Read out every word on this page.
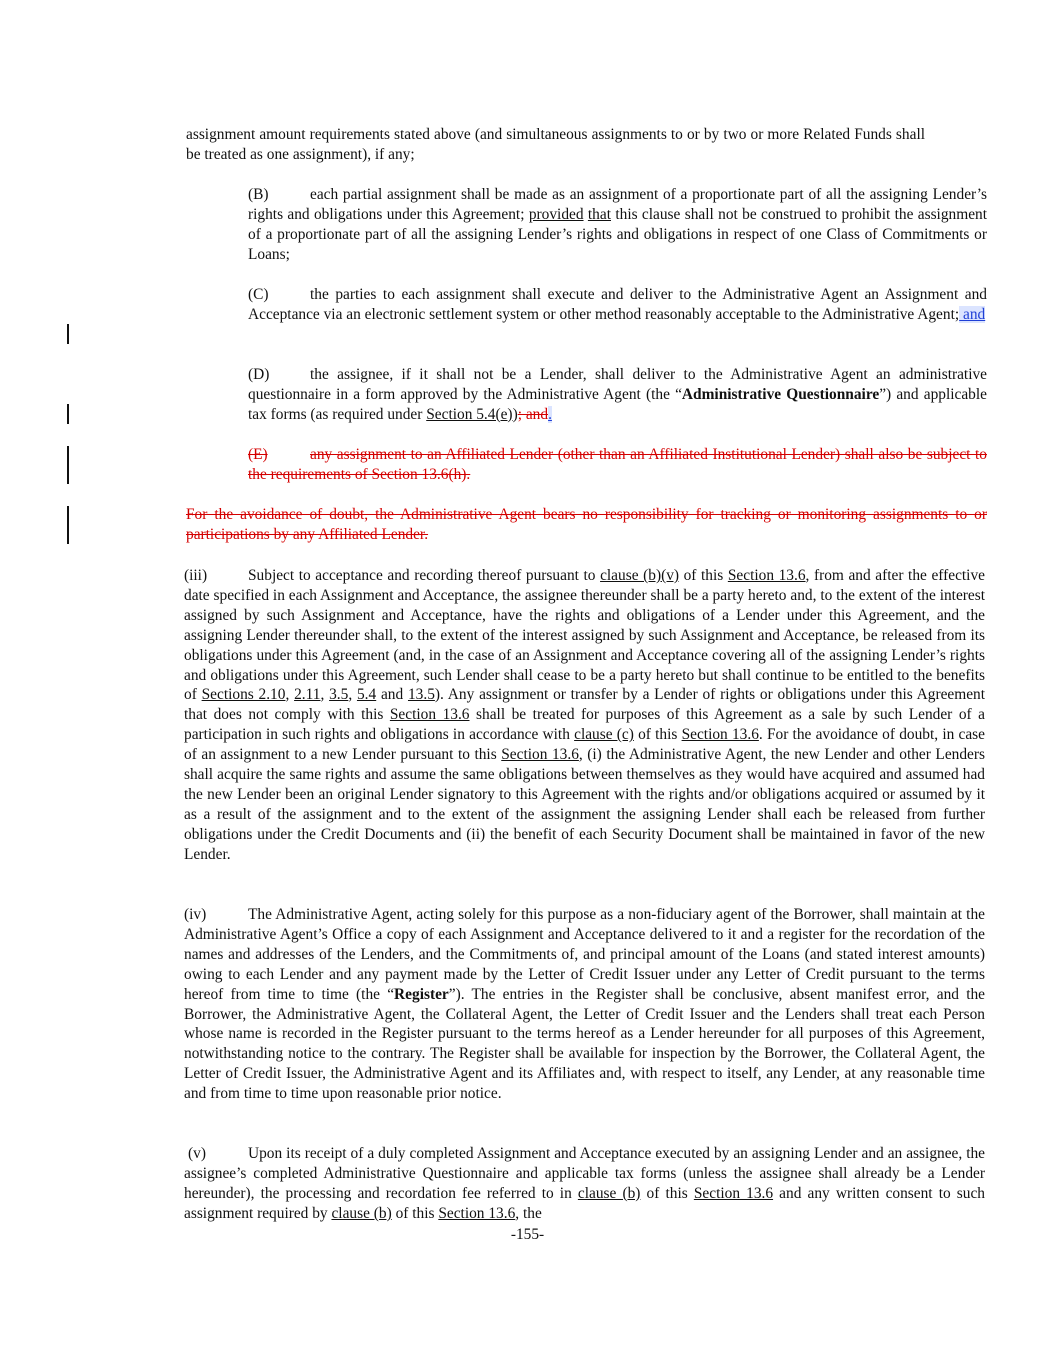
assignment amount requirements stated above (and simultaneous assignments to or by two or more Related Funds shall be treated as one assignment), if any;

(B)	each partial assignment shall be made as an assignment of a proportionate part of all the assigning Lender’s rights and obligations under this Agreement; provided that this clause shall not be construed to prohibit the assignment of a proportionate part of all the assigning Lender’s rights and obligations in respect of one Class of Commitments or Loans;

(C)	the parties to each assignment shall execute and deliver to the Administrative Agent an Assignment and Acceptance via an electronic settlement system or other method reasonably acceptable to the Administrative Agent; and

(D)	the assignee, if it shall not be a Lender, shall deliver to the Administrative Agent an administrative questionnaire in a form approved by the Administrative Agent (the “Administrative Questionnaire”) and applicable tax forms (as required under Section 5.4(e)); and.

(E)	any assignment to an Affiliated Lender (other than an Affiliated Institutional Lender) shall also be subject to the requirements of Section 13.6(h).

For the avoidance of doubt, the Administrative Agent bears no responsibility for tracking or monitoring assignments to or participations by any Affiliated Lender.

(iii)	Subject to acceptance and recording thereof pursuant to clause (b)(v) of this Section 13.6, from and after the effective date specified in each Assignment and Acceptance, the assignee thereunder shall be a party hereto and, to the extent of the interest assigned by such Assignment and Acceptance, have the rights and obligations of a Lender under this Agreement, and the assigning Lender thereunder shall, to the extent of the interest assigned by such Assignment and Acceptance, be released from its obligations under this Agreement (and, in the case of an Assignment and Acceptance covering all of the assigning Lender’s rights and obligations under this Agreement, such Lender shall cease to be a party hereto but shall continue to be entitled to the benefits of Sections 2.10, 2.11, 3.5, 5.4 and 13.5). Any assignment or transfer by a Lender of rights or obligations under this Agreement that does not comply with this Section 13.6 shall be treated for purposes of this Agreement as a sale by such Lender of a participation in such rights and obligations in accordance with clause (c) of this Section 13.6. For the avoidance of doubt, in case of an assignment to a new Lender pursuant to this Section 13.6, (i) the Administrative Agent, the new Lender and other Lenders shall acquire the same rights and assume the same obligations between themselves as they would have acquired and assumed had the new Lender been an original Lender signatory to this Agreement with the rights and/or obligations acquired or assumed by it as a result of the assignment and to the extent of the assignment the assigning Lender shall each be released from further obligations under the Credit Documents and (ii) the benefit of each Security Document shall be maintained in favor of the new Lender.

(iv)	The Administrative Agent, acting solely for this purpose as a non-fiduciary agent of the Borrower, shall maintain at the Administrative Agent’s Office a copy of each Assignment and Acceptance delivered to it and a register for the recordation of the names and addresses of the Lenders, and the Commitments of, and principal amount of the Loans (and stated interest amounts) owing to each Lender and any payment made by the Letter of Credit Issuer under any Letter of Credit pursuant to the terms hereof from time to time (the “Register”). The entries in the Register shall be conclusive, absent manifest error, and the Borrower, the Administrative Agent, the Collateral Agent, the Letter of Credit Issuer and the Lenders shall treat each Person whose name is recorded in the Register pursuant to the terms hereof as a Lender hereunder for all purposes of this Agreement, notwithstanding notice to the contrary. The Register shall be available for inspection by the Borrower, the Collateral Agent, the Letter of Credit Issuer, the Administrative Agent and its Affiliates and, with respect to itself, any Lender, at any reasonable time and from time to time upon reasonable prior notice.

(v)	Upon its receipt of a duly completed Assignment and Acceptance executed by an assigning Lender and an assignee, the assignee’s completed Administrative Questionnaire and applicable tax forms (unless the assignee shall already be a Lender hereunder), the processing and recordation fee referred to in clause (b) of this Section 13.6 and any written consent to such assignment required by clause (b) of this Section 13.6, the

-155-
